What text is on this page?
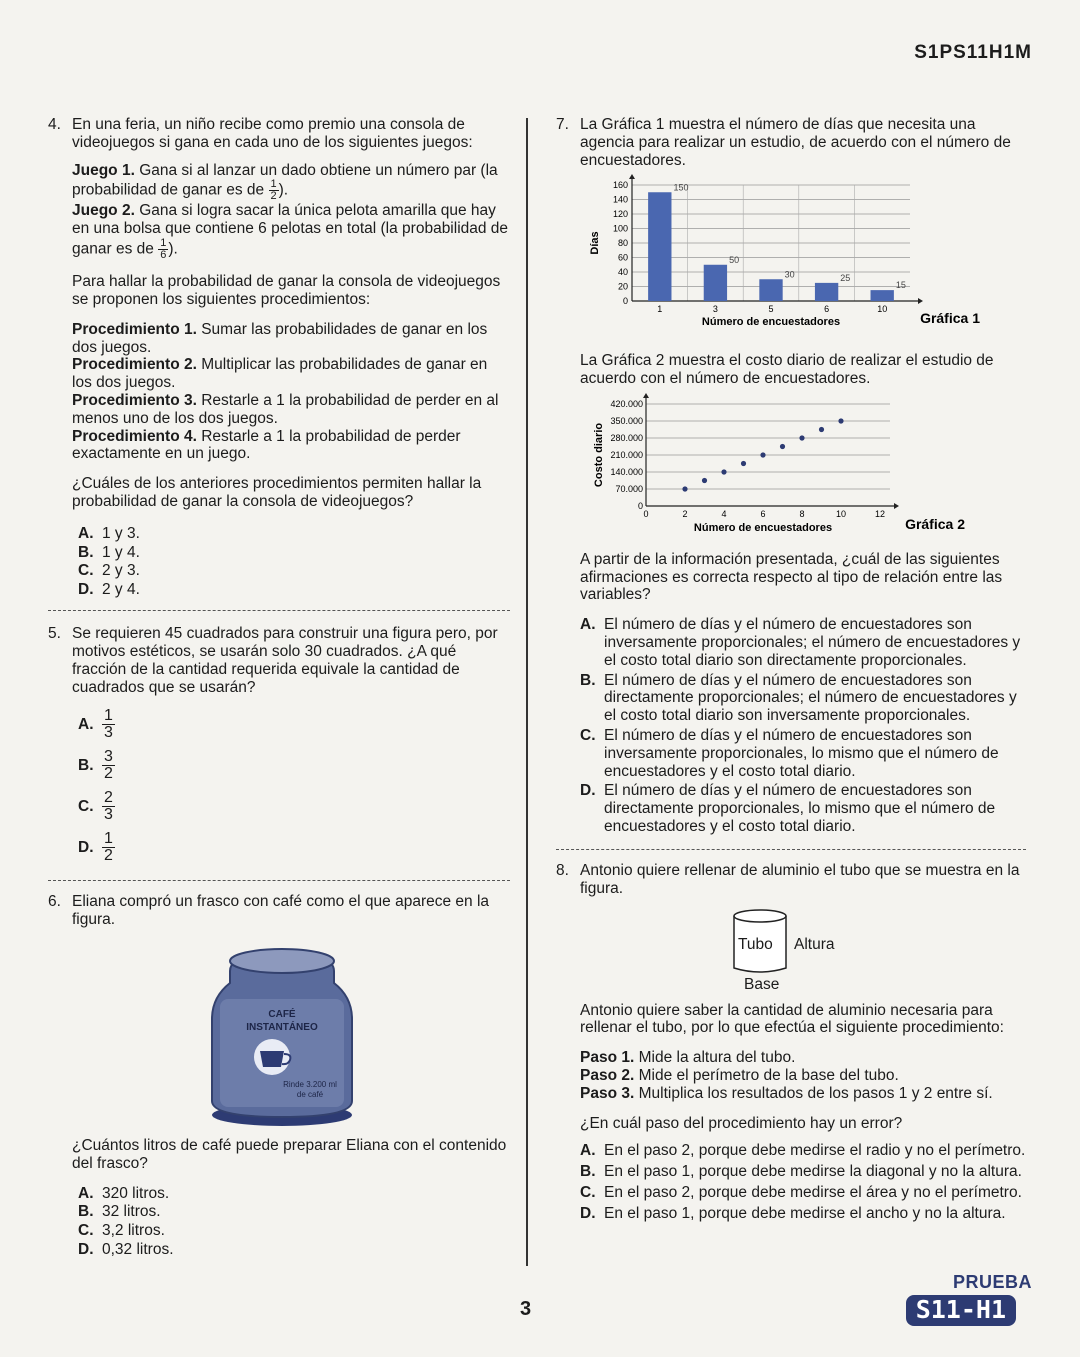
S1PS11H1M
4. En una feria, un niño recibe como premio una consola de videojuegos si gana en cada uno de los siguientes juegos:

Juego 1. Gana si al lanzar un dado obtiene un número par (la probabilidad de ganar es de $\frac{1}{2}$ ).
Juego 2. Gana si logra sacar la única pelota amarilla que hay en una bolsa que contiene 6 pelotas en total (la probabilidad de ganar es de $\frac{1}{6}$ ).

Para hallar la probabilidad de ganar la consola de videojuegos se proponen los siguientes procedimientos:

Procedimiento 1. Sumar las probabilidades de ganar en los dos juegos.
Procedimiento 2. Multiplicar las probabilidades de ganar en los dos juegos.
Procedimiento 3. Restarle a 1 la probabilidad de perder en al menos uno de los dos juegos.
Procedimiento 4. Restarle a 1 la probabilidad de perder exactamente en un juego.

¿Cuáles de los anteriores procedimientos permiten hallar la probabilidad de ganar la consola de videojuegos?

A. 1 y 3.
B. 1 y 4.
C. 2 y 3.
D. 2 y 4.
5. Se requieren 45 cuadrados para construir una figura pero, por motivos estéticos, se usarán solo 30 cuadrados. ¿A qué fracción de la cantidad requerida equivale la cantidad de cuadrados que se usarán?

A. $\frac{1}{3}$
B. $\frac{3}{2}$
C. $\frac{2}{3}$
D. $\frac{1}{2}$
6. Eliana compró un frasco con café como el que aparece en la figura.

CAFÉ
INSTANTÁNEO
Rinde 3.200 ml
de café

¿Cuántos litros de café puede preparar Eliana con el contenido del frasco?

A. 320 litros.
B. 32 litros.
C. 3,2 litros.
D. 0,32 litros.
7. La Gráfica 1 muestra el número de días que necesita una agencia para realizar un estudio, de acuerdo con el número de encuestadores.

0
20
40
60
80
100
120
140
160	150
1
50
3
30
5
25
6
15
10
Número de encuestadores
Días
Gráfica 1

La Gráfica 2 muestra el costo diario de realizar el estudio de acuerdo con el número de encuestadores.

0
70.000
140.000
210.000
280.000
350.000
420.000
0	2	4	6	8	10	12
Número de encuestadores
Costo diario
Gráfica 2

A partir de la información presentada, ¿cuál de las siguientes afirmaciones es correcta respecto al tipo de relación entre las variables?

A. El número de días y el número de encuestadores son inversamente proporcionales; el número de encuestadores y el costo total diario son directamente proporcionales.
B. El número de días y el número de encuestadores son directamente proporcionales; el número de encuestadores y el costo total diario son inversamente proporcionales.
C. El número de días y el número de encuestadores son inversamente proporcionales, lo mismo que el número de encuestadores y el costo total diario.
D. El número de días y el número de encuestadores son directamente proporcionales, lo mismo que el número de encuestadores y el costo total diario.
8. Antonio quiere rellenar de aluminio el tubo que se muestra en la figura.

Tubo Altura
Base

Antonio quiere saber la cantidad de aluminio necesaria para rellenar el tubo, por lo que efectúa el siguiente procedimiento:

Paso 1. Mide la altura del tubo.
Paso 2. Mide el perímetro de la base del tubo.
Paso 3. Multiplica los resultados de los pasos 1 y 2 entre sí.

¿En cuál paso del procedimiento hay un error?

A. En el paso 2, porque debe medirse el radio y no el perímetro.
B. En el paso 1, porque debe medirse la diagonal y no la altura.
C. En el paso 2, porque debe medirse el área y no el perímetro.
D. En el paso 1, porque debe medirse el ancho y no la altura.
3
PRUEBA
S11-H1
